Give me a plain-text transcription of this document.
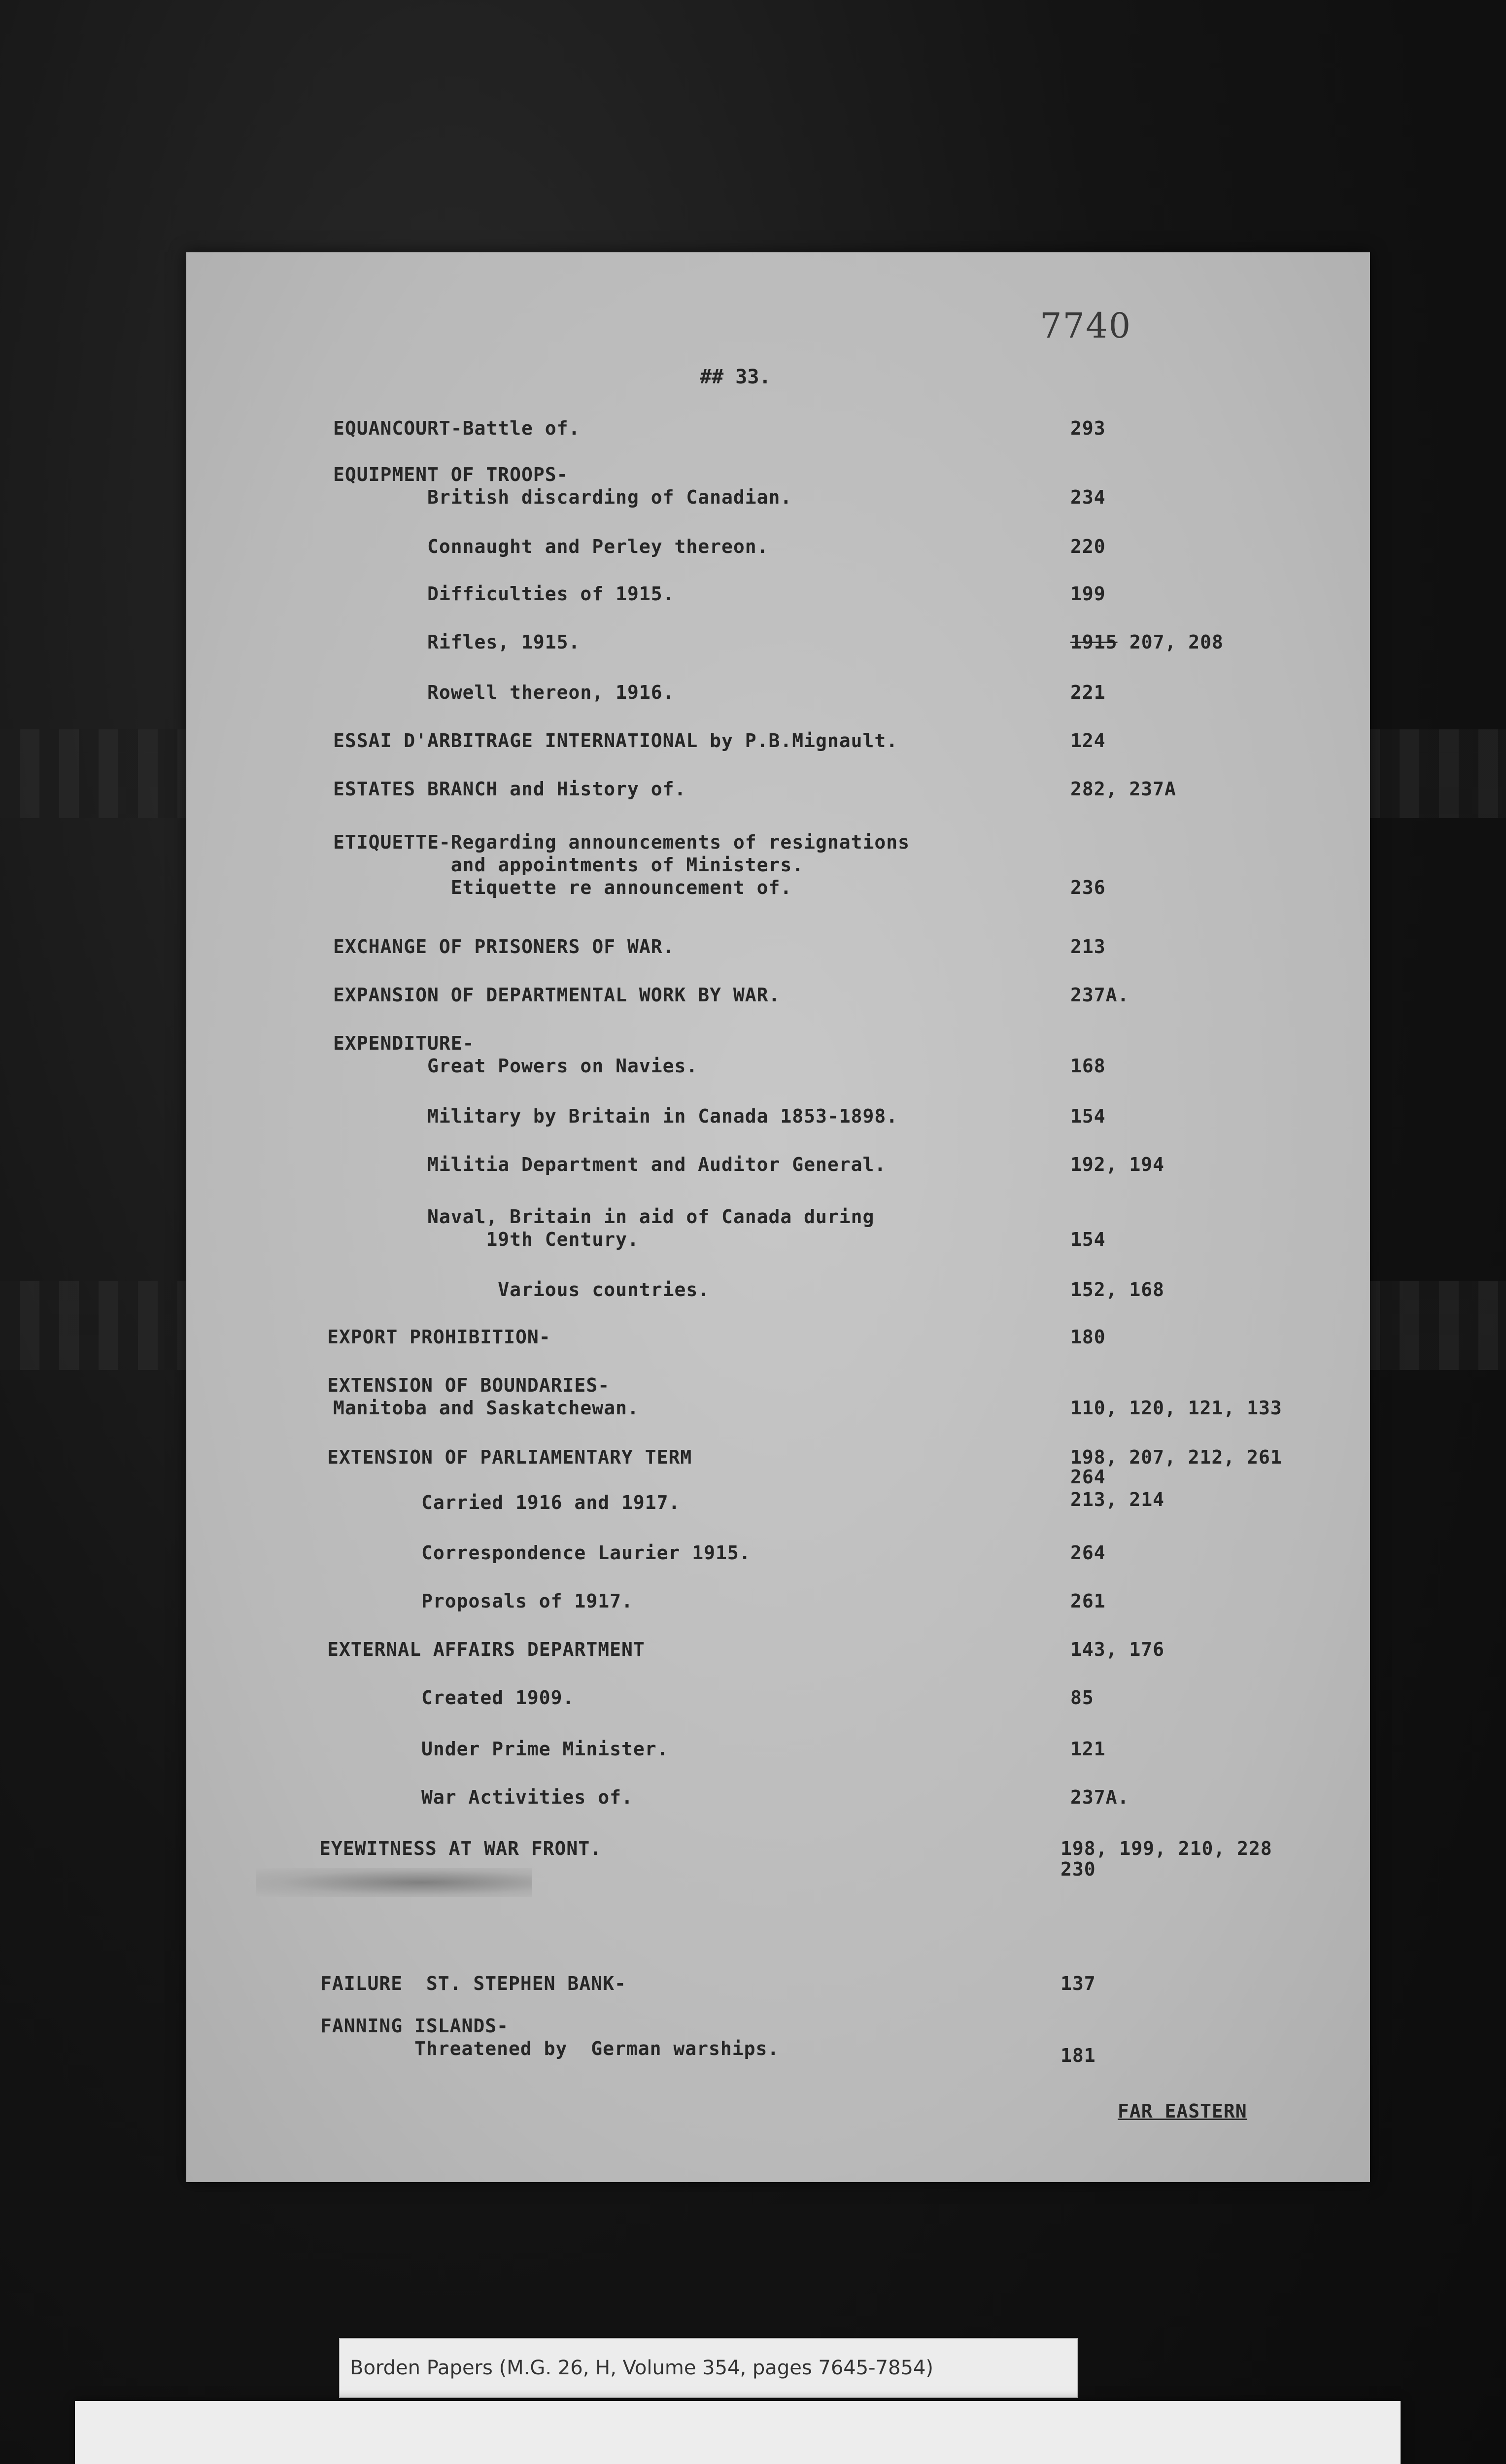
7740
## 33.

EQUANCOURT-Battle of.	293

EQUIPMENT OF TROOPS-

British discarding of Canadian.	234

Connaught and Perley thereon.	220

Difficulties of 1915.	199

Rifles, 1915.	1915 207, 208

Rowell thereon, 1916.	221

ESSAI D'ARBITRAGE INTERNATIONAL by P.B.Mignault.	124

ESTATES BRANCH and History of.	282, 237A

ETIQUETTE-Regarding announcements of resignations

and appointments of Ministers.

Etiquette re announcement of.	236

EXCHANGE OF PRISONERS OF WAR.	213

EXPANSION OF DEPARTMENTAL WORK BY WAR.	237A.

EXPENDITURE-

Great Powers on Navies.	168

Military by Britain in Canada 1853-1898.	154

Militia Department and Auditor General.	192, 194

Naval, Britain in aid of Canada during

19th Century.	154

Various countries.	152, 168

EXPORT PROHIBITION-	180

EXTENSION OF BOUNDARIES-

Manitoba and Saskatchewan.	110, 120, 121, 133

EXTENSION OF PARLIAMENTARY TERM	198, 207, 212, 261
264

Carried 1916 and 1917.	213, 214

Correspondence Laurier 1915.	264

Proposals of 1917.	261

EXTERNAL AFFAIRS DEPARTMENT	143, 176

Created 1909.	85

Under Prime Minister.	121

War Activities of.	237A.

EYEWITNESS AT WAR FRONT.	198, 199, 210, 228
230

FAILURE  ST. STEPHEN BANK-	137

FANNING ISLANDS-

Threatened by  German warships.	181
FAR EASTERN
Borden Papers (M.G. 26, H, Volume 354, pages 7645-7854)
